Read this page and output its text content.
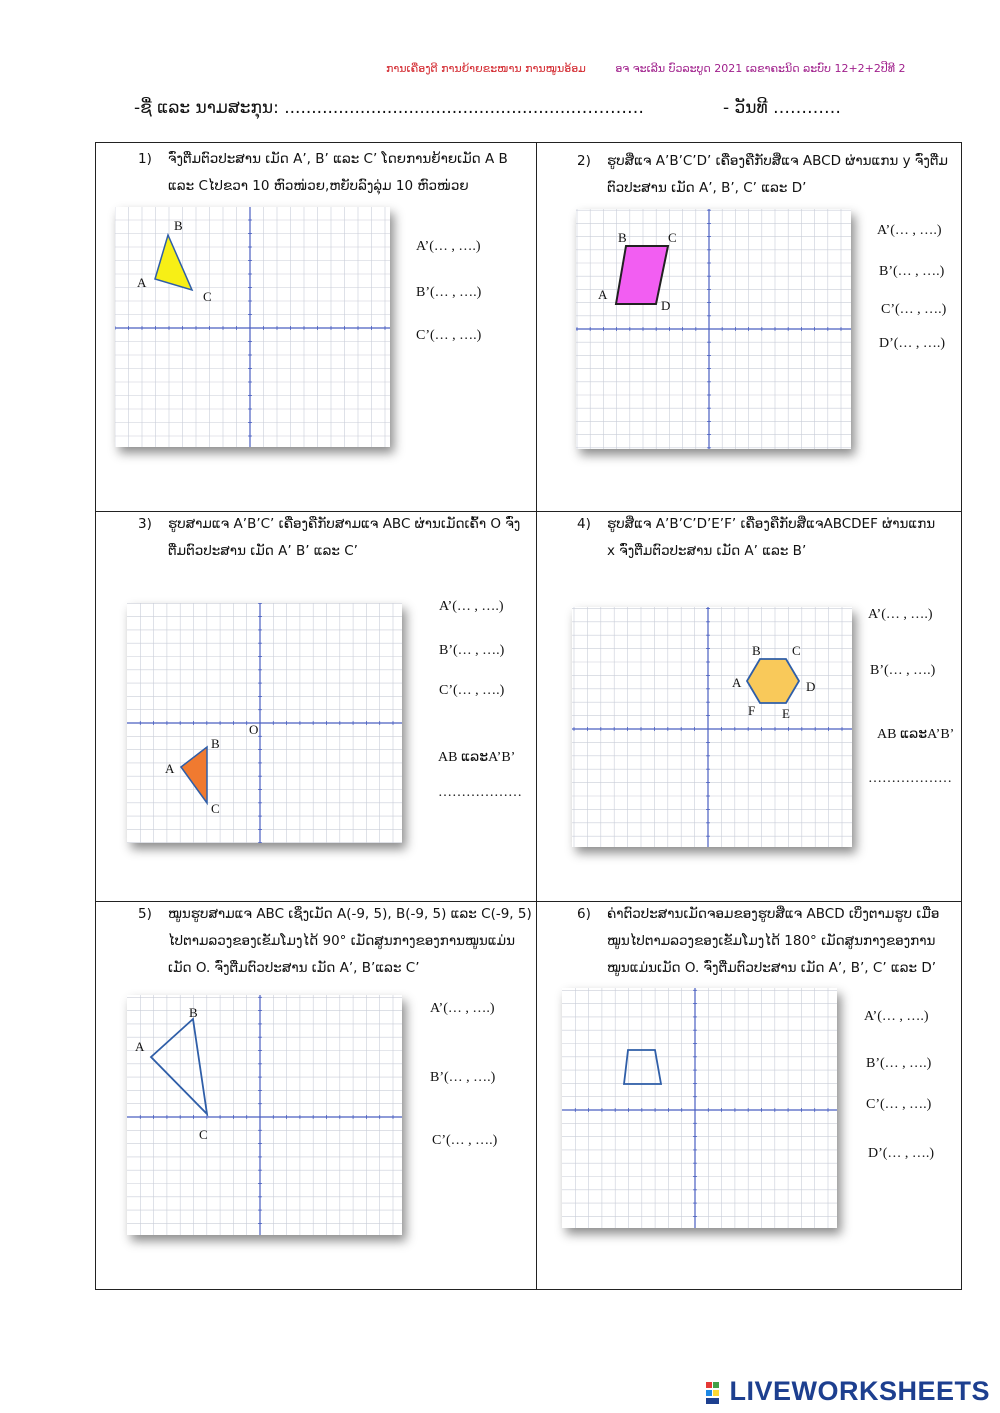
ການເຄື່ອງຕີ ການຍ້າຍຂະໜານ ການໝູນອ້ອມ	ອຈ ຈະເລີນ ບົວລະບູດ 2021 ເລຂາຄະນິດ ລະບົບ 12+2+2ປີທີ 2
-ຊື່ ແລະ ນາມສະກຸນ: ......................................................…………	- ວັນທີ …………
1) ຈົ່ງຕື່ມຕົວປະສານ ເມັດ A’, B’ ແລະ C’ ໂດຍການຍ້າຍເມັດ A B ແລະ Cໄປຂວາ 10 ຫົວໜ່ວຍ,ຫຍັບລົງລຸ່ມ 10 ຫົວໜ່ວຍ
A
B
C
A’(… , ….)
B’(… , ….)
C’(… , ….)
2) ຮູບສີ່ແຈ A’B’C’D’ ເຄື່ອງຄືກັບສີ່ແຈ ABCD ຜ່ານແກນ y ຈົ່ງຕື່ມຕົວປະສານ ເມັດ A’, B’, C’ ແລະ D’
A
B	C
D
A’(… , ….)
B’(… , ….)
C’(… , ….)
D’(… , ….)
3) ຮູບສາມແຈ A’B’C’ ເຄື່ອງຄືກັບສາມແຈ ABC ຜ່ານເມັດເຄົ້າ O ຈົ່ງຕື່ມຕົວປະສານ ເມັດ A’ B’ ແລະ C’
A
B
C
O
A’(… , ….)
B’(… , ….)
C’(… , ….)
AB ແລະA’B’
………………
4) ຮູບສີ່ແຈ A’B’C’D’E’F’ ເຄື່ອງຄືກັບສີ່ແຈABCDEF ຜ່ານແກນ x ຈົ່ງຕື່ມຕົວປະສານ ເມັດ A’ ແລະ B’
A
B C
D
E
F
A’(… , ….)
B’(… , ….)
AB ແລະA’B’
………………
5) ໝູນຮູບສາມແຈ ABC ເຊິ່ງເມັດ A(-9, 5), B(-9, 5) ແລະ C(-9, 5) ໄປຕາມລວງຂອງເຂັມໂມງໄດ້ 90° ເມັດສູນກາງຂອງການໝູນແມ່ນເມັດ O. ຈົ່ງຕື່ມຕົວປະສານ ເມັດ A’, B’ແລະ C’
A
B
C
A’(… , ….)
B’(… , ….)
C’(… , ….)
6) ຄ່າຕົວປະສານເມັດຈອມຂອງຮູບສີ່ແຈ ABCD ເບິ່ງຕາມຮູບ ເມື່ອໝູນໄປຕາມລວງຂອງເຂັມໂມງໄດ້ 180° ເມັດສູນກາງຂອງການໝູນແມ່ນເມັດ O. ຈົ່ງຕື່ມຕົວປະສານ ເມັດ A’, B’, C’ ແລະ D’
A’(… , ….)
B’(… , ….)
C’(… , ….)
D’(… , ….)
LIVEWORKSHEETS
